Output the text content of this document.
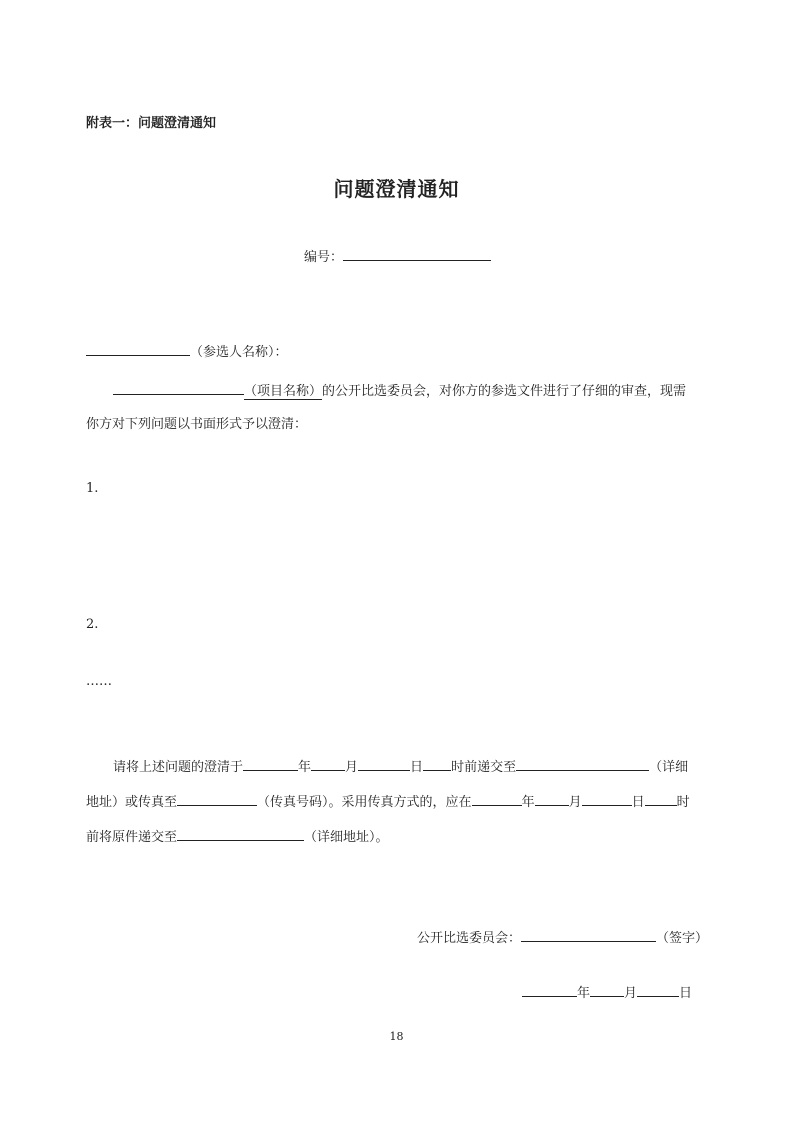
附表一：问题澄清通知
问题澄清通知
编号：
（参选人名称）：
（项目名称）的公开比选委员会，对你方的参选文件进行了仔细的审查，现需
你方对下列问题以书面形式予以澄清：
1.
2.
……
请将上述问题的澄清于	年	月	日 时前递交至	（详细
地址）或传真至	（传真号码）。采用传真方式的，应在	年	月	日 时
前将原件递交至	（详细地址）。
公开比选委员会：	（签字）
年	月	日
18
